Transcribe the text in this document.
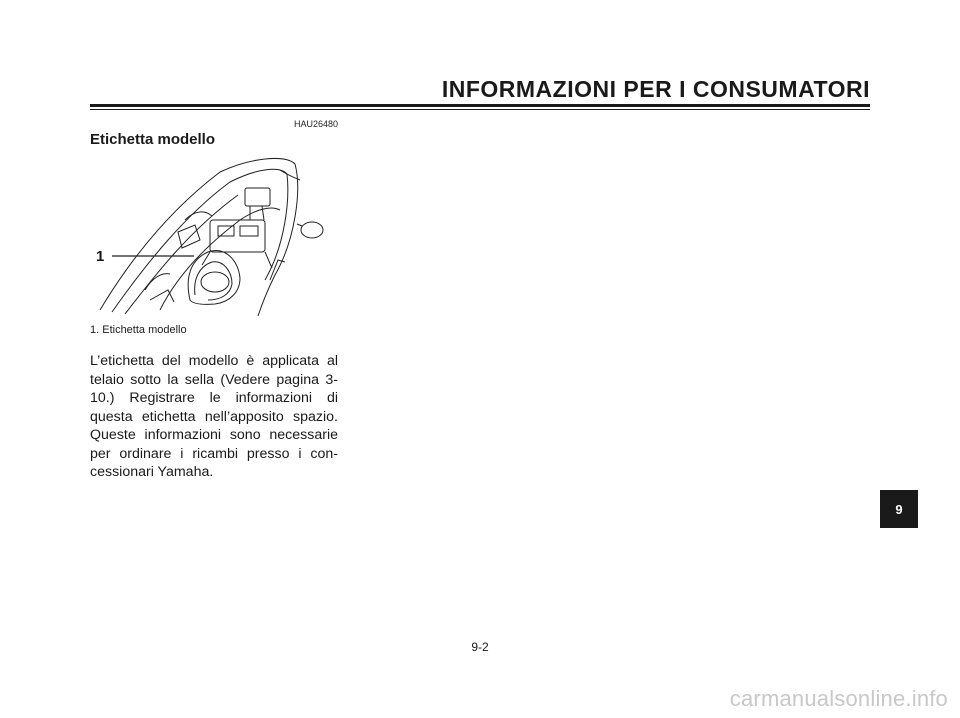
INFORMAZIONI PER I CONSUMATORI
HAU26480
Etichetta modello
1
1. Etichetta modello

L’etichetta del modello è applicata al telaio sotto la sella (Vedere pagina 3-10.) Registrare le informazioni di questa etichetta nell’apposito spazio. Queste informazioni sono necessarie per ordinare i ricambi presso i con-cessionari Yamaha.

9
9-2
carmanualsonline.info
